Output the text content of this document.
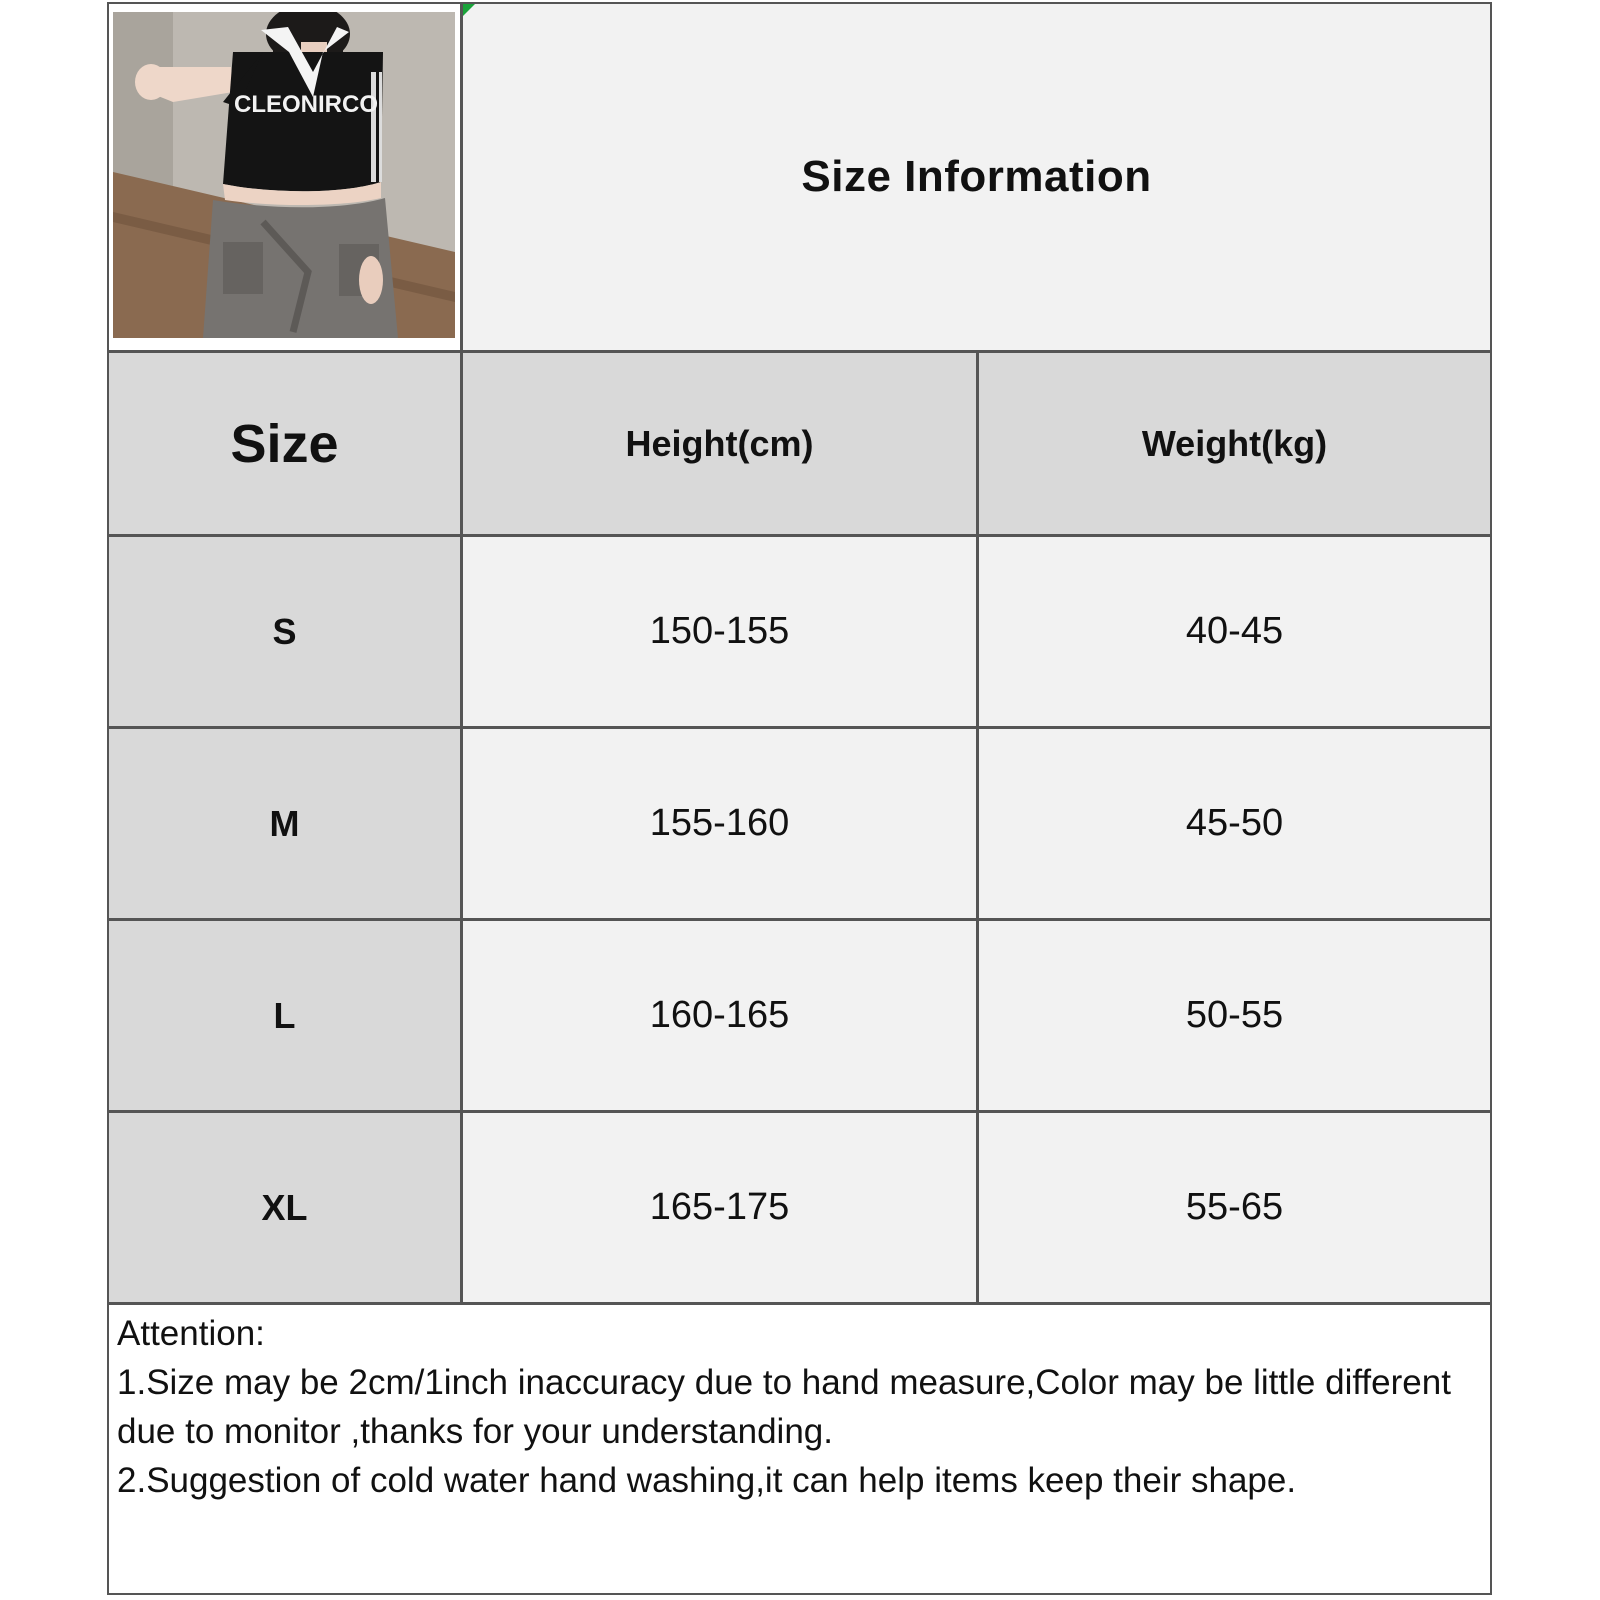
CLEONIRCO
Size Information
Size	Height(cm)	Weight(kg)
S	150-155	40-45
M	155-160	45-50
L	160-165	50-55
XL	165-175	55-65

Attention:

1.Size may be 2cm/1inch inaccuracy due to hand measure,Color may be little different due to monitor ,thanks for your understanding.

2.Suggestion of cold water hand washing,it can help items keep their shape.
